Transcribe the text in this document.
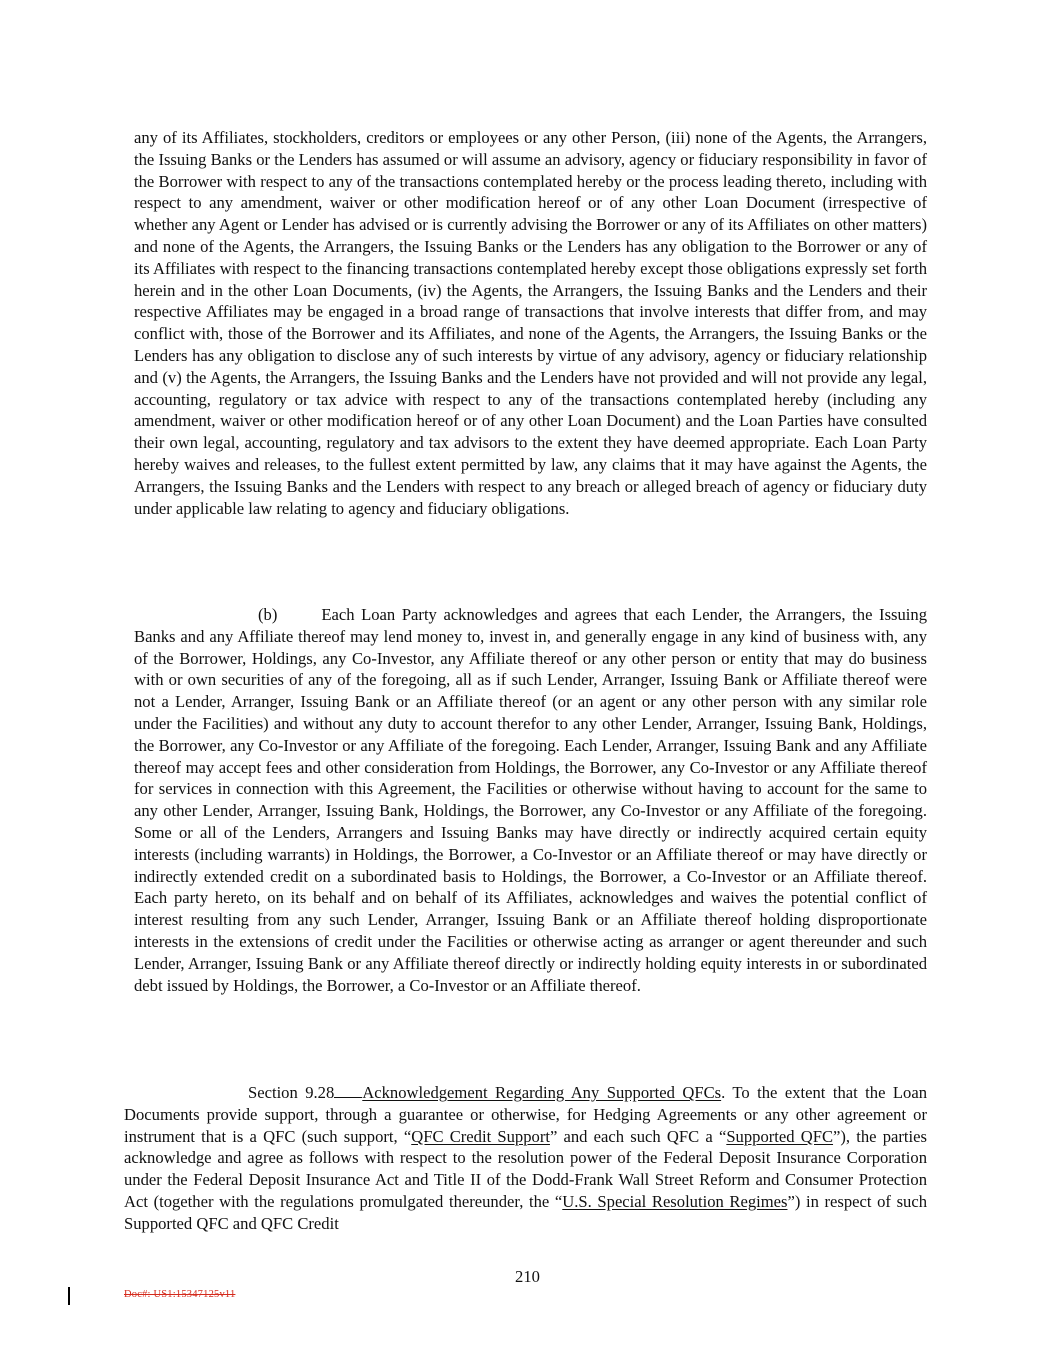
any of its Affiliates, stockholders, creditors or employees or any other Person, (iii) none of the Agents, the Arrangers, the Issuing Banks or the Lenders has assumed or will assume an advisory, agency or fiduciary responsibility in favor of the Borrower with respect to any of the transactions contemplated hereby or the process leading thereto, including with respect to any amendment, waiver or other modification hereof or of any other Loan Document (irrespective of whether any Agent or Lender has advised or is currently advising the Borrower or any of its Affiliates on other matters) and none of the Agents, the Arrangers, the Issuing Banks or the Lenders has any obligation to the Borrower or any of its Affiliates with respect to the financing transactions contemplated hereby except those obligations expressly set forth herein and in the other Loan Documents, (iv) the Agents, the Arrangers, the Issuing Banks and the Lenders and their respective Affiliates may be engaged in a broad range of transactions that involve interests that differ from, and may conflict with, those of the Borrower and its Affiliates, and none of the Agents, the Arrangers, the Issuing Banks or the Lenders has any obligation to disclose any of such interests by virtue of any advisory, agency or fiduciary relationship and (v) the Agents, the Arrangers, the Issuing Banks and the Lenders have not provided and will not provide any legal, accounting, regulatory or tax advice with respect to any of the transactions contemplated hereby (including any amendment, waiver or other modification hereof or of any other Loan Document) and the Loan Parties have consulted their own legal, accounting, regulatory and tax advisors to the extent they have deemed appropriate. Each Loan Party hereby waives and releases, to the fullest extent permitted by law, any claims that it may have against the Agents, the Arrangers, the Issuing Banks and the Lenders with respect to any breach or alleged breach of agency or fiduciary duty under applicable law relating to agency and fiduciary obligations.

(b)	Each Loan Party acknowledges and agrees that each Lender, the Arrangers, the Issuing Banks and any Affiliate thereof may lend money to, invest in, and generally engage in any kind of business with, any of the Borrower, Holdings, any Co-Investor, any Affiliate thereof or any other person or entity that may do business with or own securities of any of the foregoing, all as if such Lender, Arranger, Issuing Bank or Affiliate thereof were not a Lender, Arranger, Issuing Bank or an Affiliate thereof (or an agent or any other person with any similar role under the Facilities) and without any duty to account therefor to any other Lender, Arranger, Issuing Bank, Holdings, the Borrower, any Co-Investor or any Affiliate of the foregoing. Each Lender, Arranger, Issuing Bank and any Affiliate thereof may accept fees and other consideration from Holdings, the Borrower, any Co-Investor or any Affiliate thereof for services in connection with this Agreement, the Facilities or otherwise without having to account for the same to any other Lender, Arranger, Issuing Bank, Holdings, the Borrower, any Co-Investor or any Affiliate of the foregoing. Some or all of the Lenders, Arrangers and Issuing Banks may have directly or indirectly acquired certain equity interests (including warrants) in Holdings, the Borrower, a Co-Investor or an Affiliate thereof or may have directly or indirectly extended credit on a subordinated basis to Holdings, the Borrower, a Co-Investor or an Affiliate thereof. Each party hereto, on its behalf and on behalf of its Affiliates, acknowledges and waives the potential conflict of interest resulting from any such Lender, Arranger, Issuing Bank or an Affiliate thereof holding disproportionate interests in the extensions of credit under the Facilities or otherwise acting as arranger or agent thereunder and such Lender, Arranger, Issuing Bank or any Affiliate thereof directly or indirectly holding equity interests in or subordinated debt issued by Holdings, the Borrower, a Co-Investor or an Affiliate thereof.

Section 9.28 Acknowledgement Regarding Any Supported QFCs. To the extent that the Loan Documents provide support, through a guarantee or otherwise, for Hedging Agreements or any other agreement or instrument that is a QFC (such support, “QFC Credit Support” and each such QFC a “Supported QFC”), the parties acknowledge and agree as follows with respect to the resolution power of the Federal Deposit Insurance Corporation under the Federal Deposit Insurance Act and Title II of the Dodd-Frank Wall Street Reform and Consumer Protection Act (together with the regulations promulgated thereunder, the “U.S. Special Resolution Regimes”) in respect of such Supported QFC and QFC Credit

210
Doc#: US1:15347125v11
